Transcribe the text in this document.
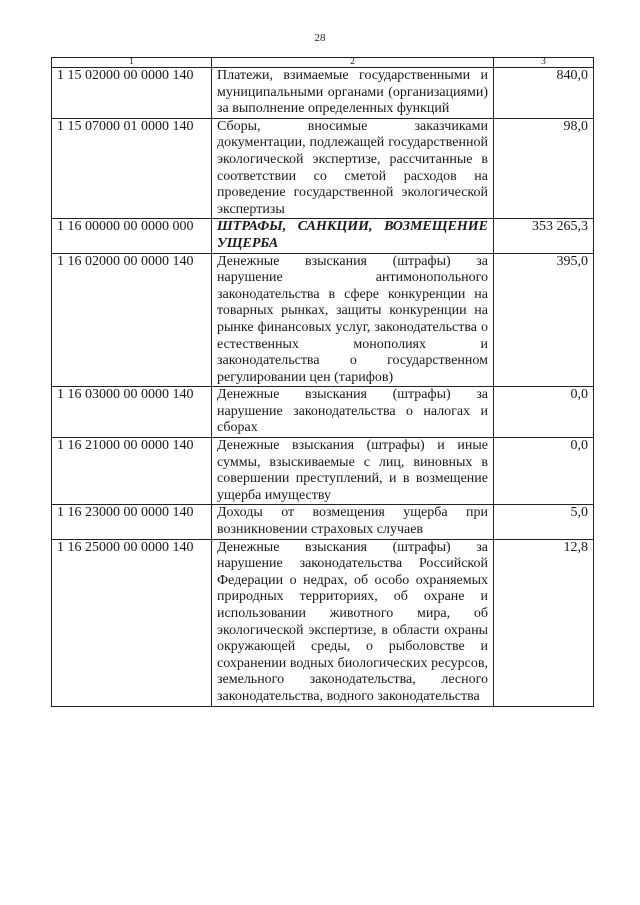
28
1	2	3
1 15 02000 00 0000 140	Платежи, взимаемые государственными и муниципальными органами (организациями) за выполнение определенных функций	840,0
1 15 07000 01 0000 140	Сборы, вносимые заказчиками документации, подлежащей государственной экологической экспертизе, рассчитанные в соответствии со сметой расходов на проведение государственной экологической экспертизы	98,0
1 16 00000 00 0000 000	ШТРАФЫ, САНКЦИИ, ВОЗМЕЩЕНИЕ УЩЕРБА	353 265,3
1 16 02000 00 0000 140	Денежные взыскания (штрафы) за нарушение антимонопольного законодательства в сфере конкуренции на товарных рынках, защиты конкуренции на рынке финансовых услуг, законодательства о естественных монополиях и законодательства о государственном регулировании цен (тарифов)	395,0
1 16 03000 00 0000 140	Денежные взыскания (штрафы) за нарушение законодательства о налогах и сборах	0,0
1 16 21000 00 0000 140	Денежные взыскания (штрафы) и иные суммы, взыскиваемые с лиц, виновных в совершении преступлений, и в возмещение ущерба имуществу	0,0
1 16 23000 00 0000 140	Доходы от возмещения ущерба при возникновении страховых случаев	5,0
1 16 25000 00 0000 140	Денежные взыскания (штрафы) за нарушение законодательства Российской Федерации о недрах, об особо охраняемых природных территориях, об охране и использовании животного мира, об экологической экспертизе, в области охраны окружающей среды, о рыболовстве и сохранении водных биологических ресурсов, земельного законодательства, лесного законодательства, водного законодательства	12,8
